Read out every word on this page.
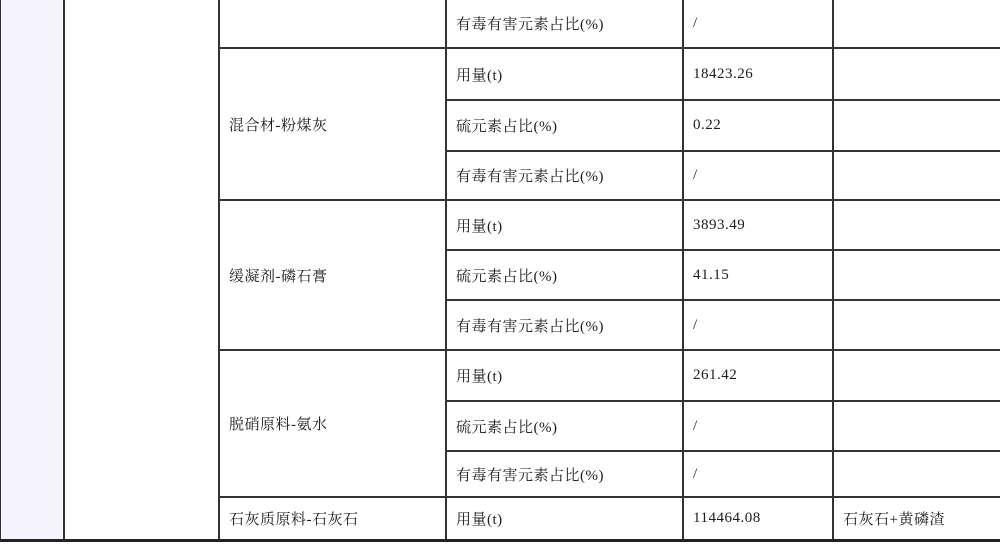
			有毒有害元素占比(%)	/	
		混合材-粉煤灰	用量(t)	18423.26	
			硫元素占比(%)	0.22	
			有毒有害元素占比(%)	/	
		缓凝剂-磷石膏	用量(t)	3893.49	
			硫元素占比(%)	41.15	
			有毒有害元素占比(%)	/	
		脱硝原料-氨水	用量(t)	261.42	
			硫元素占比(%)	/	
			有毒有害元素占比(%)	/	
		石灰质原料-石灰石	用量(t)	114464.08	石灰石+黄磷渣
